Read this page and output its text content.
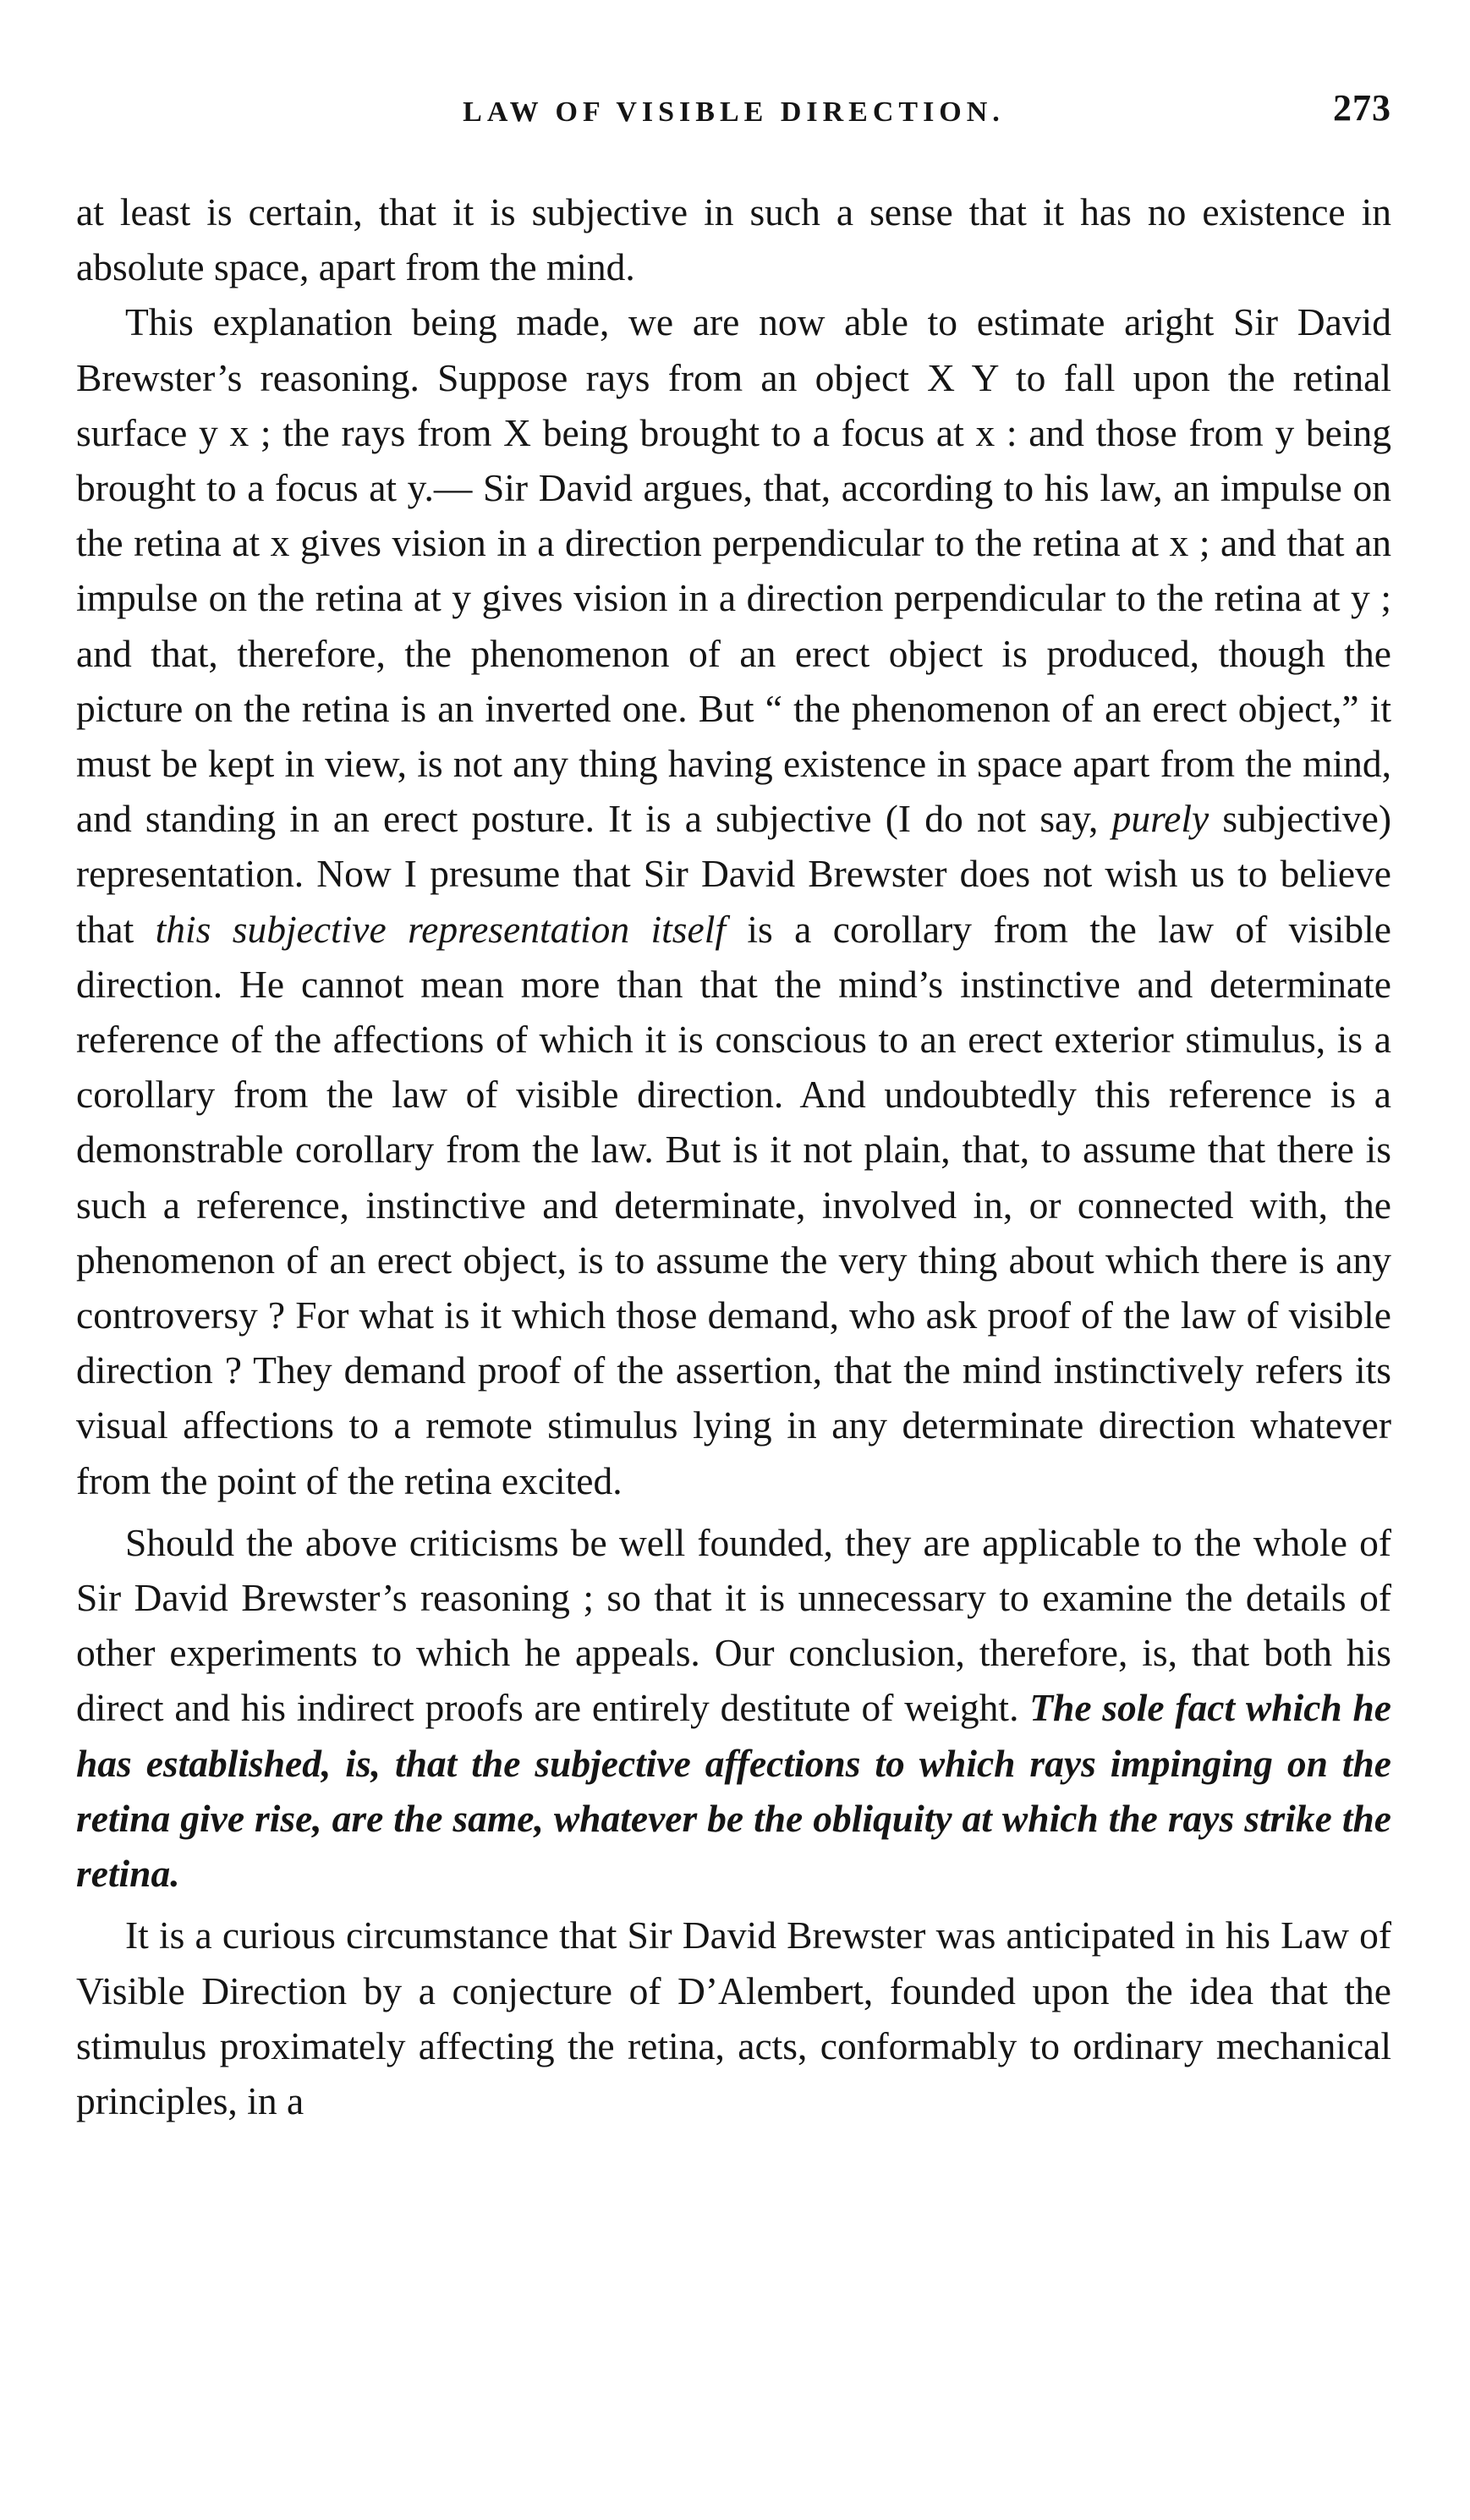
LAW OF VISIBLE DIRECTION.	273

at least is certain, that it is subjective in such a sense that it has no existence in absolute space, apart from the mind.

This explanation being made, we are now able to estimate aright Sir David Brewster’s reasoning. Suppose rays from an object X Y to fall upon the retinal surface y x ; the rays from X being brought to a focus at x : and those from y being brought to a focus at y.— Sir David argues, that, according to his law, an impulse on the retina at x gives vision in a direction perpendicular to the retina at x ; and that an impulse on the retina at y gives vision in a direction perpendicular to the retina at y ; and that, therefore, the phenomenon of an erect object is produced, though the picture on the retina is an inverted one. But “ the phenomenon of an erect object,” it must be kept in view, is not any thing having existence in space apart from the mind, and standing in an erect posture. It is a subjective (I do not say, purely subjective) representation. Now I presume that Sir David Brewster does not wish us to believe that this subjective representation itself is a corollary from the law of visible direction. He cannot mean more than that the mind’s instinctive and determinate reference of the affections of which it is conscious to an erect exterior stimulus, is a corollary from the law of visible direction. And undoubtedly this reference is a demonstrable corollary from the law. But is it not plain, that, to assume that there is such a reference, instinctive and determinate, involved in, or connected with, the phenomenon of an erect object, is to assume the very thing about which there is any controversy ? For what is it which those demand, who ask proof of the law of visible direction ? They demand proof of the assertion, that the mind instinctively refers its visual affections to a remote stimulus lying in any determinate direction whatever from the point of the retina excited.

Should the above criticisms be well founded, they are applicable to the whole of Sir David Brewster’s reasoning ; so that it is unnecessary to examine the details of other experiments to which he appeals. Our conclusion, therefore, is, that both his direct and his indirect proofs are entirely destitute of weight. The sole fact which he has established, is, that the subjective affections to which rays impinging on the retina give rise, are the same, whatever be the obliquity at which the rays strike the retina.

It is a curious circumstance that Sir David Brewster was anticipated in his Law of Visible Direction by a conjecture of D’Alembert, founded upon the idea that the stimulus proximately affecting the retina, acts, conformably to ordinary mechanical principles, in a
